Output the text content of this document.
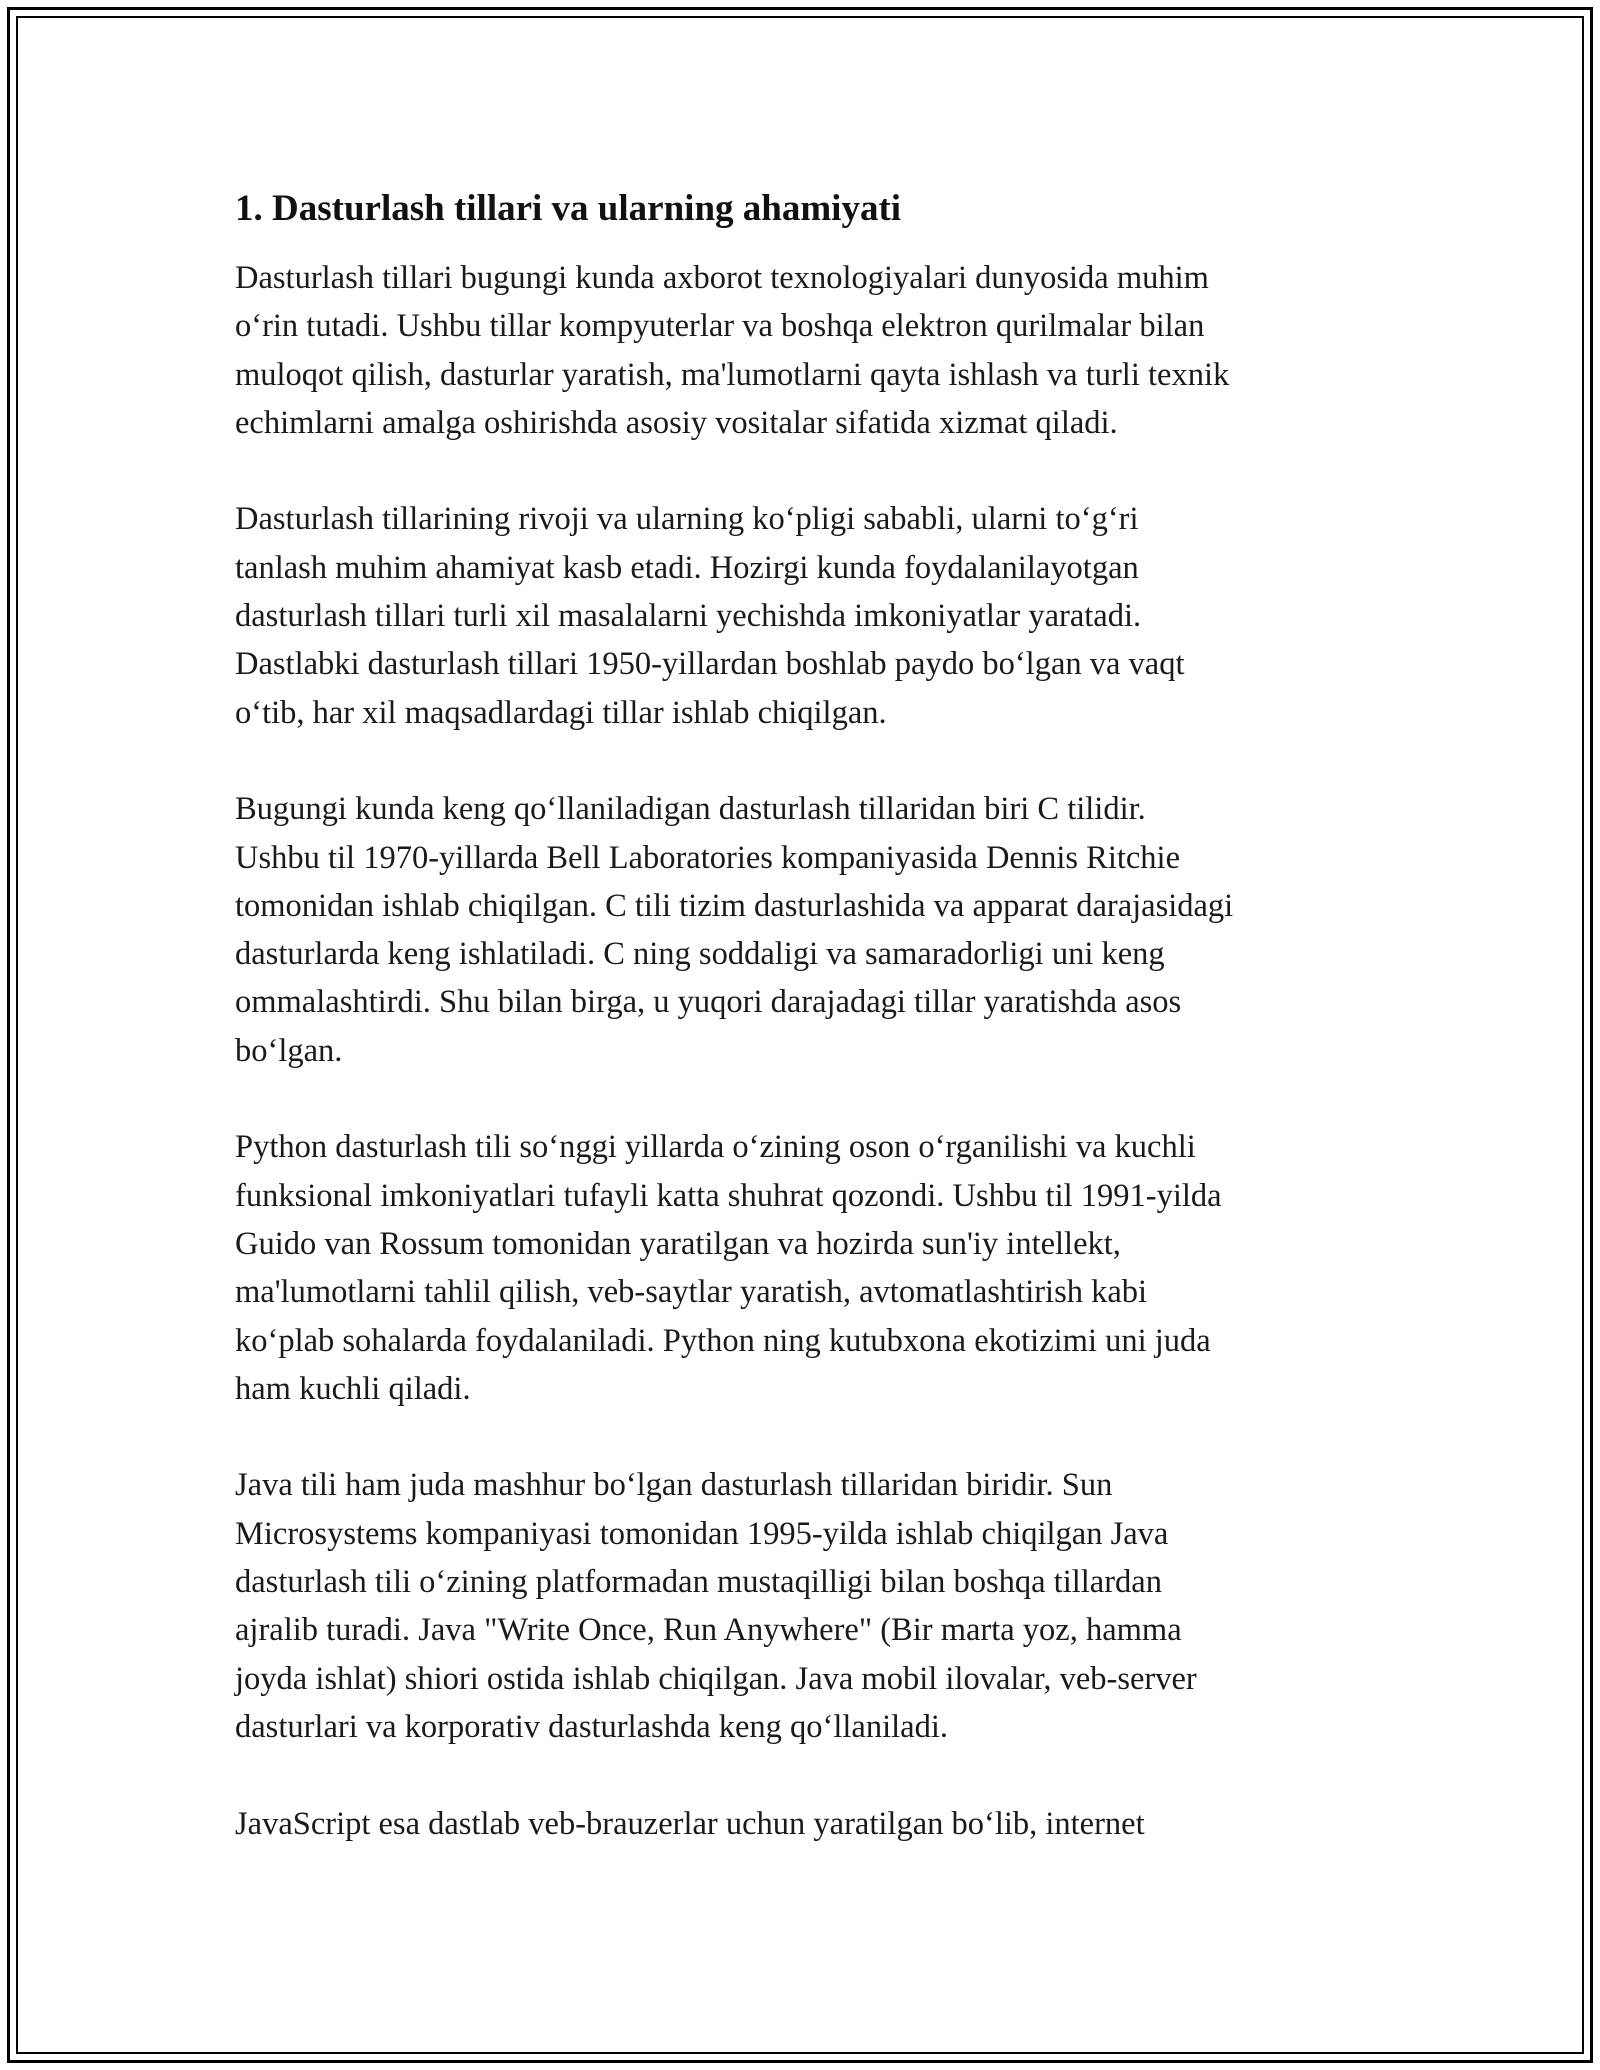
1. Dasturlash tillari va ularning ahamiyati

Dasturlash tillari bugungi kunda axborot texnologiyalari dunyosida muhim
o‘rin tutadi. Ushbu tillar kompyuterlar va boshqa elektron qurilmalar bilan
muloqot qilish, dasturlar yaratish, ma'lumotlarni qayta ishlash va turli texnik
echimlarni amalga oshirishda asosiy vositalar sifatida xizmat qiladi.

Dasturlash tillarining rivoji va ularning ko‘pligi sababli, ularni to‘g‘ri
tanlash muhim ahamiyat kasb etadi. Hozirgi kunda foydalanilayotgan
dasturlash tillari turli xil masalalarni yechishda imkoniyatlar yaratadi.
Dastlabki dasturlash tillari 1950-yillardan boshlab paydo bo‘lgan va vaqt
o‘tib, har xil maqsadlardagi tillar ishlab chiqilgan.

Bugungi kunda keng qo‘llaniladigan dasturlash tillaridan biri C tilidir.
Ushbu til 1970-yillarda Bell Laboratories kompaniyasida Dennis Ritchie
tomonidan ishlab chiqilgan. C tili tizim dasturlashida va apparat darajasidagi
dasturlarda keng ishlatiladi. C ning soddaligi va samaradorligi uni keng
ommalashtirdi. Shu bilan birga, u yuqori darajadagi tillar yaratishda asos
bo‘lgan.

Python dasturlash tili so‘nggi yillarda o‘zining oson o‘rganilishi va kuchli
funksional imkoniyatlari tufayli katta shuhrat qozondi. Ushbu til 1991-yilda
Guido van Rossum tomonidan yaratilgan va hozirda sun'iy intellekt,
ma'lumotlarni tahlil qilish, veb-saytlar yaratish, avtomatlashtirish kabi
ko‘plab sohalarda foydalaniladi. Python ning kutubxona ekotizimi uni juda
ham kuchli qiladi.

Java tili ham juda mashhur bo‘lgan dasturlash tillaridan biridir. Sun
Microsystems kompaniyasi tomonidan 1995-yilda ishlab chiqilgan Java
dasturlash tili o‘zining platformadan mustaqilligi bilan boshqa tillardan
ajralib turadi. Java "Write Once, Run Anywhere" (Bir marta yoz, hamma
joyda ishlat) shiori ostida ishlab chiqilgan. Java mobil ilovalar, veb-server
dasturlari va korporativ dasturlashda keng qo‘llaniladi.

JavaScript esa dastlab veb-brauzerlar uchun yaratilgan bo‘lib, internet
